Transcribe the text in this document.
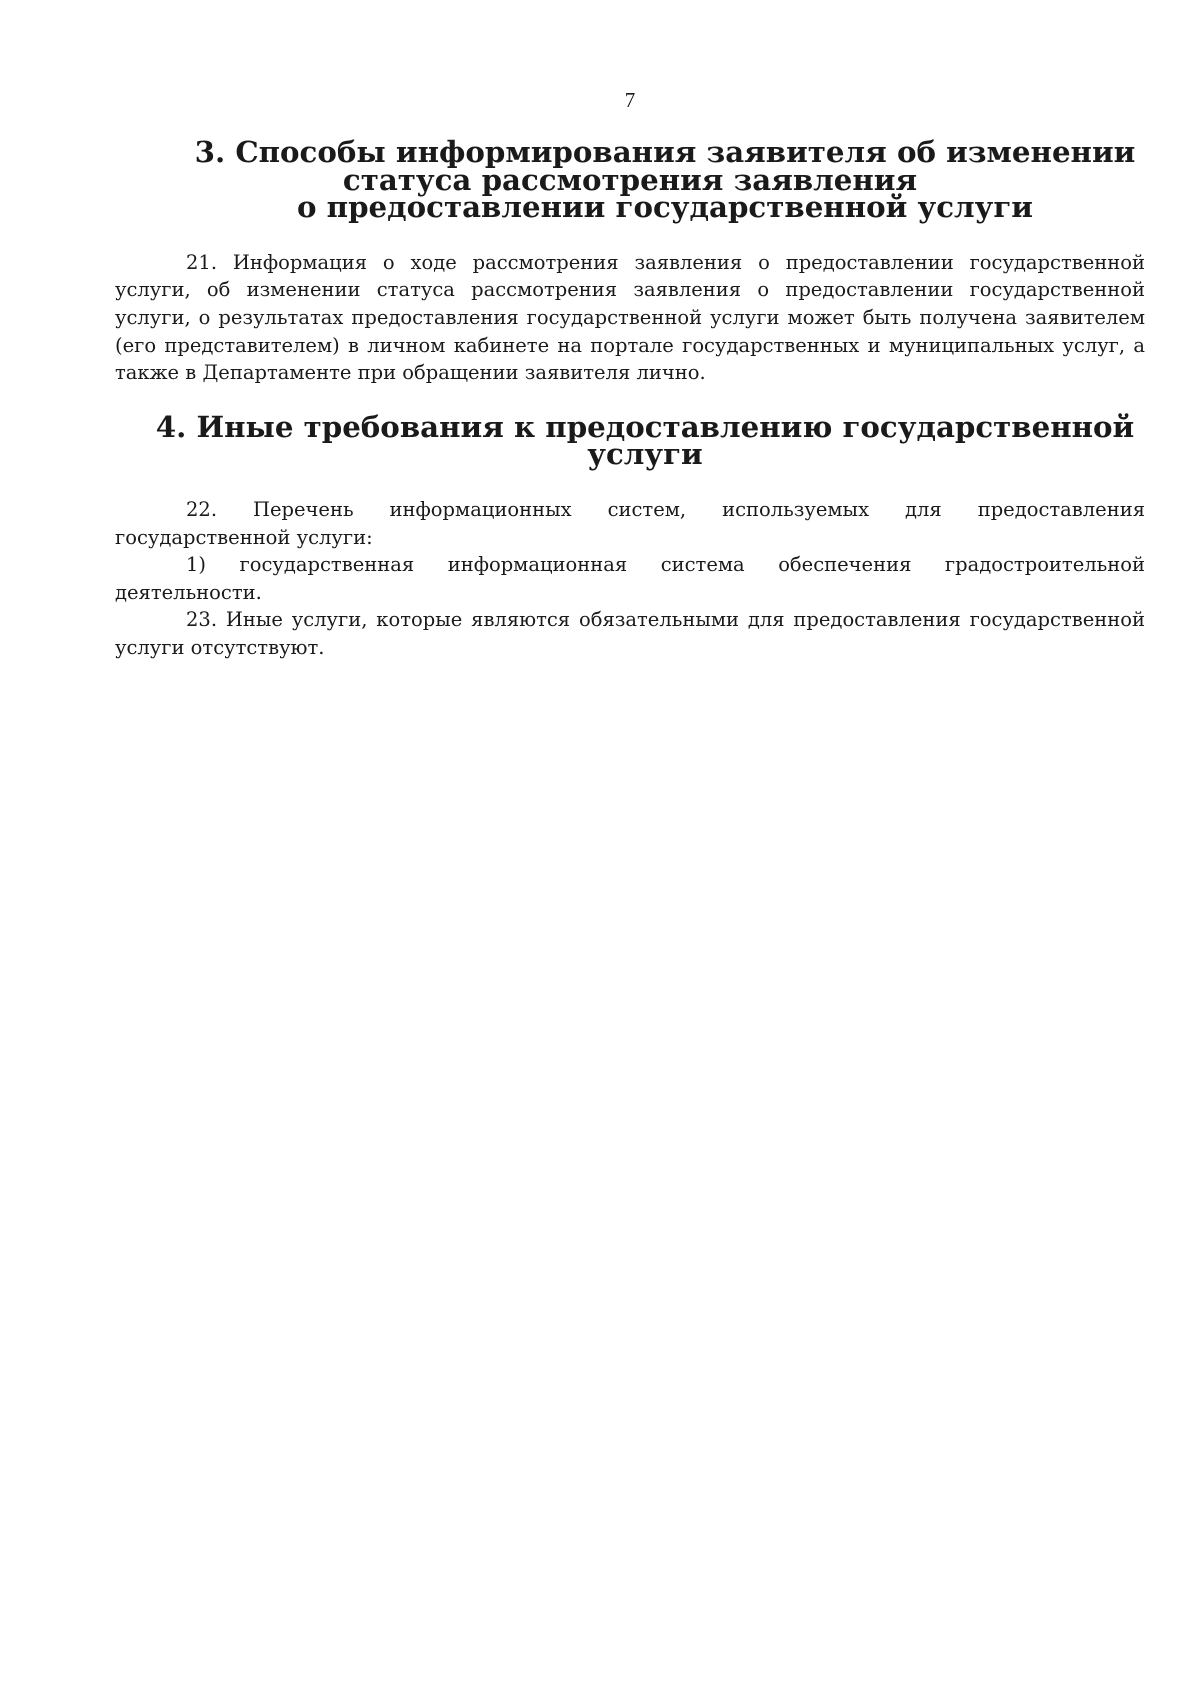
7
3. Способы информирования заявителя об изменении статуса рассмотрения заявления
о предоставлении государственной услуги

21. Информация о ходе рассмотрения заявления о предоставлении государственной услуги, об изменении статуса рассмотрения заявления о предоставлении государственной услуги, о результатах предоставления государственной услуги может быть получена заявителем (его представителем) в личном кабинете на портале государственных и муниципальных услуг, а также в Департаменте при обращении заявителя лично.

4. Иные требования к предоставлению государственной услуги

22. Перечень информационных систем, используемых для предоставления государственной услуги:

1) государственная информационная система обеспечения градостроительной

деятельности.

23. Иные услуги, которые являются обязательными для предоставления государственной услуги отсутствуют.
